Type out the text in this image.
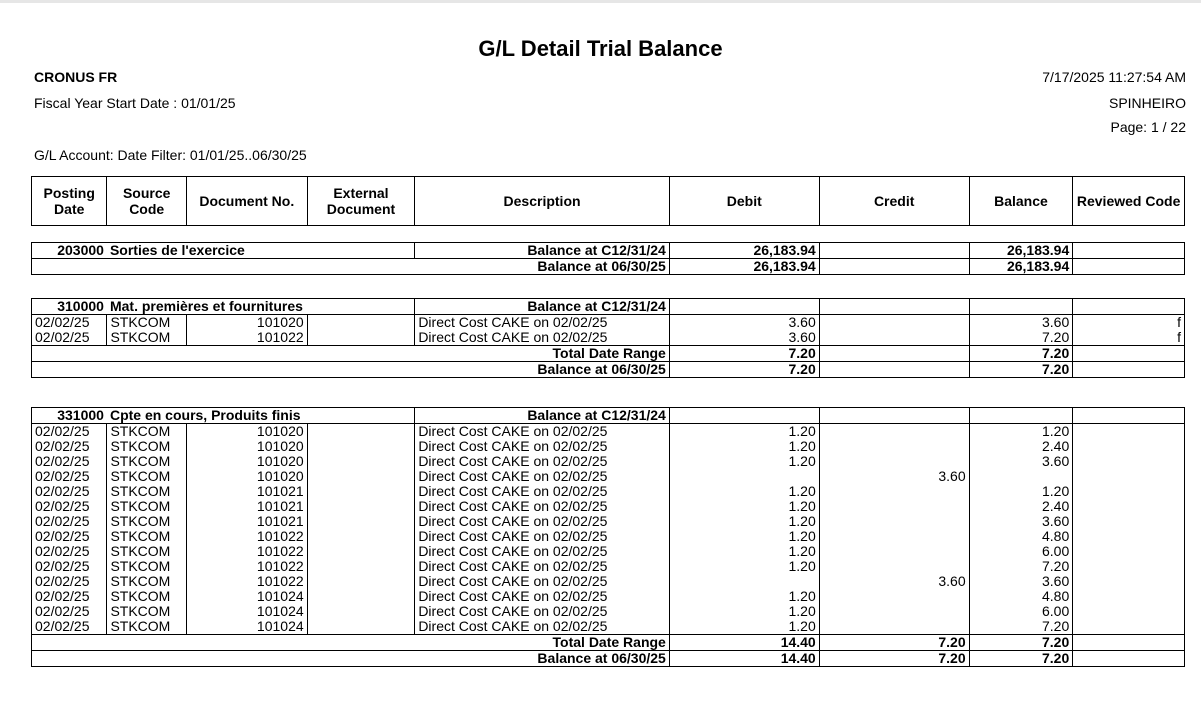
G/L Detail Trial Balance
CRONUS FR
Fiscal Year Start Date : 01/01/25
G/L Account: Date Filter: 01/01/25..06/30/25
7/17/2025 11:27:54 AM
SPINHEIRO
Page: 1 / 22
Posting Date	Source Code	Document No.	External Document	Description	Debit	Credit	Balance	Reviewed Code
203000	Sorties de l'exercice	Balance at C12/31/24	26,183.94		26,183.94	
Balance at 06/30/25			26,183.94		26,183.94	
310000	Mat. premières et fournitures			Balance at C12/31/24				
02/02/25	STKCOM	101020		Direct Cost CAKE on 02/02/25	3.60		3.60	f
02/02/25	STKCOM	101022		Direct Cost CAKE on 02/02/25	3.60		7.20	f
Total Date Range					7.20		7.20	
Balance at 06/30/25					7.20		7.20	
331000	Cpte en cours, Produits finis			Balance at C12/31/24				
02/02/25	STKCOM	101020		Direct Cost CAKE on 02/02/25	1.20		1.20	
02/02/25	STKCOM	101020		Direct Cost CAKE on 02/02/25	1.20		2.40	
02/02/25	STKCOM	101020		Direct Cost CAKE on 02/02/25	1.20		3.60	
02/02/25	STKCOM	101020		Direct Cost CAKE on 02/02/25		3.60		
02/02/25	STKCOM	101021		Direct Cost CAKE on 02/02/25	1.20		1.20	
02/02/25	STKCOM	101021		Direct Cost CAKE on 02/02/25	1.20		2.40	
02/02/25	STKCOM	101021		Direct Cost CAKE on 02/02/25	1.20		3.60	
02/02/25	STKCOM	101022		Direct Cost CAKE on 02/02/25	1.20		4.80	
02/02/25	STKCOM	101022		Direct Cost CAKE on 02/02/25	1.20		6.00	
02/02/25	STKCOM	101022		Direct Cost CAKE on 02/02/25	1.20		7.20	
02/02/25	STKCOM	101022		Direct Cost CAKE on 02/02/25		3.60	3.60	
02/02/25	STKCOM	101024		Direct Cost CAKE on 02/02/25	1.20		4.80	
02/02/25	STKCOM	101024		Direct Cost CAKE on 02/02/25	1.20		6.00	
02/02/25	STKCOM	101024		Direct Cost CAKE on 02/02/25	1.20		7.20	
Total Date Range					14.40	7.20	7.20	
Balance at 06/30/25					14.40	7.20	7.20	
